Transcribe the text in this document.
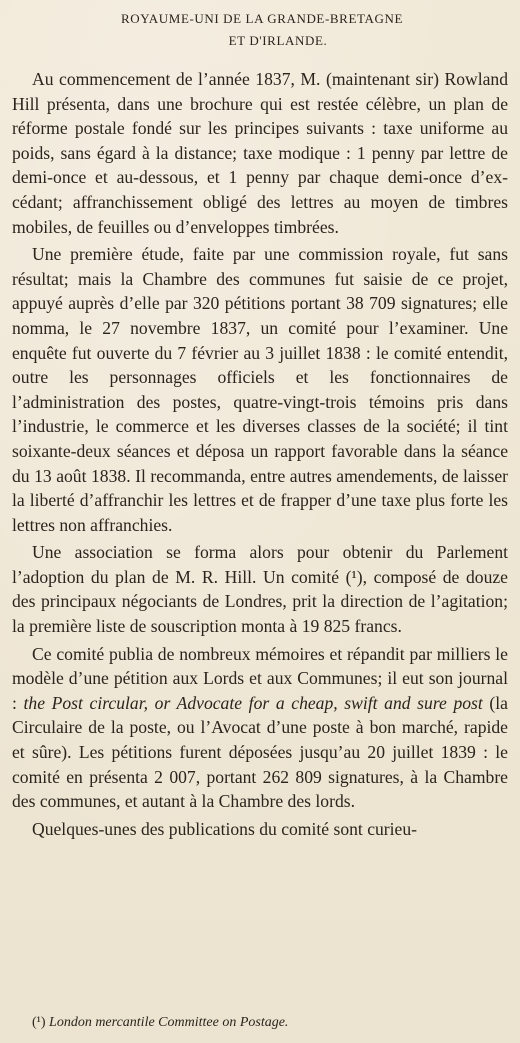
ROYAUME-UNI DE LA GRANDE-BRETAGNE
ET D'IRLANDE.

Au commencement de l’année 1837, M. (maintenant sir) Rowland Hill présenta, dans une brochure qui est restée célèbre, un plan de réforme postale fondé sur les principes suivants : taxe uniforme au poids, sans égard à la distance; taxe modique : 1 penny par lettre de demi-once et au-dessous, et 1 penny par chaque demi-once d’excédant; affranchissement obligé des lettres au moyen de timbres mobiles, de feuilles ou d’enveloppes timbrées.

Une première étude, faite par une commission royale, fut sans résultat; mais la Chambre des communes fut saisie de ce projet, appuyé auprès d’elle par 320 pétitions portant 38 709 signatures; elle nomma, le 27 novembre 1837, un comité pour l’examiner. Une enquête fut ouverte du 7 février au 3 juillet 1838 : le comité entendit, outre les personnages officiels et les fonctionnaires de l’administration des postes, quatre-vingt-trois témoins pris dans l’industrie, le commerce et les diverses classes de la société; il tint soixante-deux séances et déposa un rapport favorable dans la séance du 13 août 1838. Il recommanda, entre autres amendements, de laisser la liberté d’affranchir les lettres et de frapper d’une taxe plus forte les lettres non affranchies.

Une association se forma alors pour obtenir du Parlement l’adoption du plan de M. R. Hill. Un comité (¹), composé de douze des principaux négociants de Londres, prit la direction de l’agitation; la première liste de souscription monta à 19 825 francs.

Ce comité publia de nombreux mémoires et répandit par milliers le modèle d’une pétition aux Lords et aux Communes; il eut son journal : the Post circular, or Advocate for a cheap, swift and sure post (la Circulaire de la poste, ou l’Avocat d’une poste à bon marché, rapide et sûre). Les pétitions furent déposées jusqu’au 20 juillet 1839 : le comité en présenta 2 007, portant 262 809 signatures, à la Chambre des communes, et autant à la Chambre des lords.

Quelques-unes des publications du comité sont curieu-

(¹) London mercantile Committee on Postage.
